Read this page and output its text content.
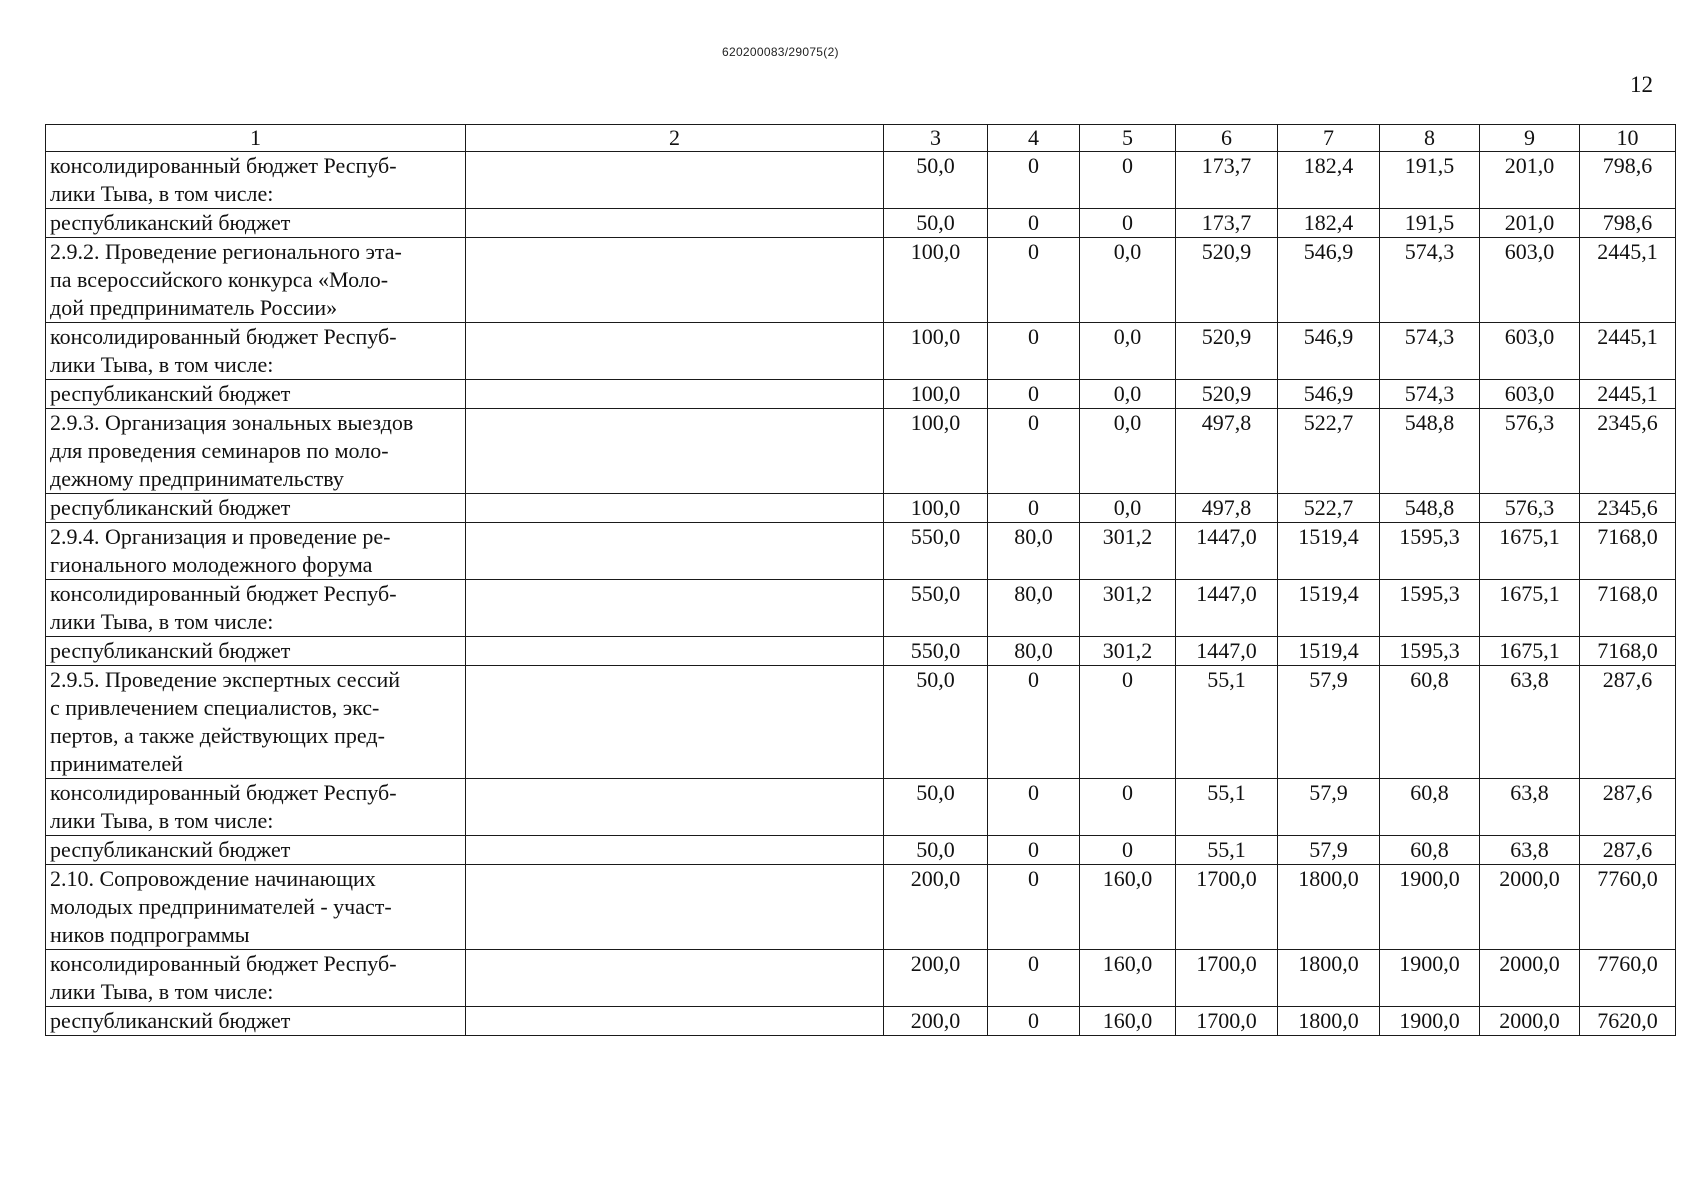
620200083/29075(2)
12
1	2	3	4	5	6	7	8	9	10
консолидированный бюджет Респуб-
лики Тыва, в том числе:		50,0	0	0	173,7	182,4	191,5	201,0	798,6
республиканский бюджет		50,0	0	0	173,7	182,4	191,5	201,0	798,6
2.9.2. Проведение регионального эта-
па всероссийского конкурса «Моло-
дой предприниматель России»		100,0	0	0,0	520,9	546,9	574,3	603,0	2445,1
консолидированный бюджет Респуб-
лики Тыва, в том числе:		100,0	0	0,0	520,9	546,9	574,3	603,0	2445,1
республиканский бюджет		100,0	0	0,0	520,9	546,9	574,3	603,0	2445,1
2.9.3. Организация зональных выездов
для проведения семинаров по моло-
дежному предпринимательству		100,0	0	0,0	497,8	522,7	548,8	576,3	2345,6
республиканский бюджет		100,0	0	0,0	497,8	522,7	548,8	576,3	2345,6
2.9.4. Организация и проведение ре-
гионального молодежного форума		550,0	80,0	301,2	1447,0	1519,4	1595,3	1675,1	7168,0
консолидированный бюджет Респуб-
лики Тыва, в том числе:		550,0	80,0	301,2	1447,0	1519,4	1595,3	1675,1	7168,0
республиканский бюджет		550,0	80,0	301,2	1447,0	1519,4	1595,3	1675,1	7168,0
2.9.5. Проведение экспертных сессий
с привлечением специалистов, экс-
пертов, а также действующих пред-
принимателей		50,0	0	0	55,1	57,9	60,8	63,8	287,6
консолидированный бюджет Респуб-
лики Тыва, в том числе:		50,0	0	0	55,1	57,9	60,8	63,8	287,6
республиканский бюджет		50,0	0	0	55,1	57,9	60,8	63,8	287,6
2.10. Сопровождение начинающих
молодых предпринимателей - участ-
ников подпрограммы		200,0	0	160,0	1700,0	1800,0	1900,0	2000,0	7760,0
консолидированный бюджет Респуб-
лики Тыва, в том числе:		200,0	0	160,0	1700,0	1800,0	1900,0	2000,0	7760,0
республиканский бюджет		200,0	0	160,0	1700,0	1800,0	1900,0	2000,0	7620,0
